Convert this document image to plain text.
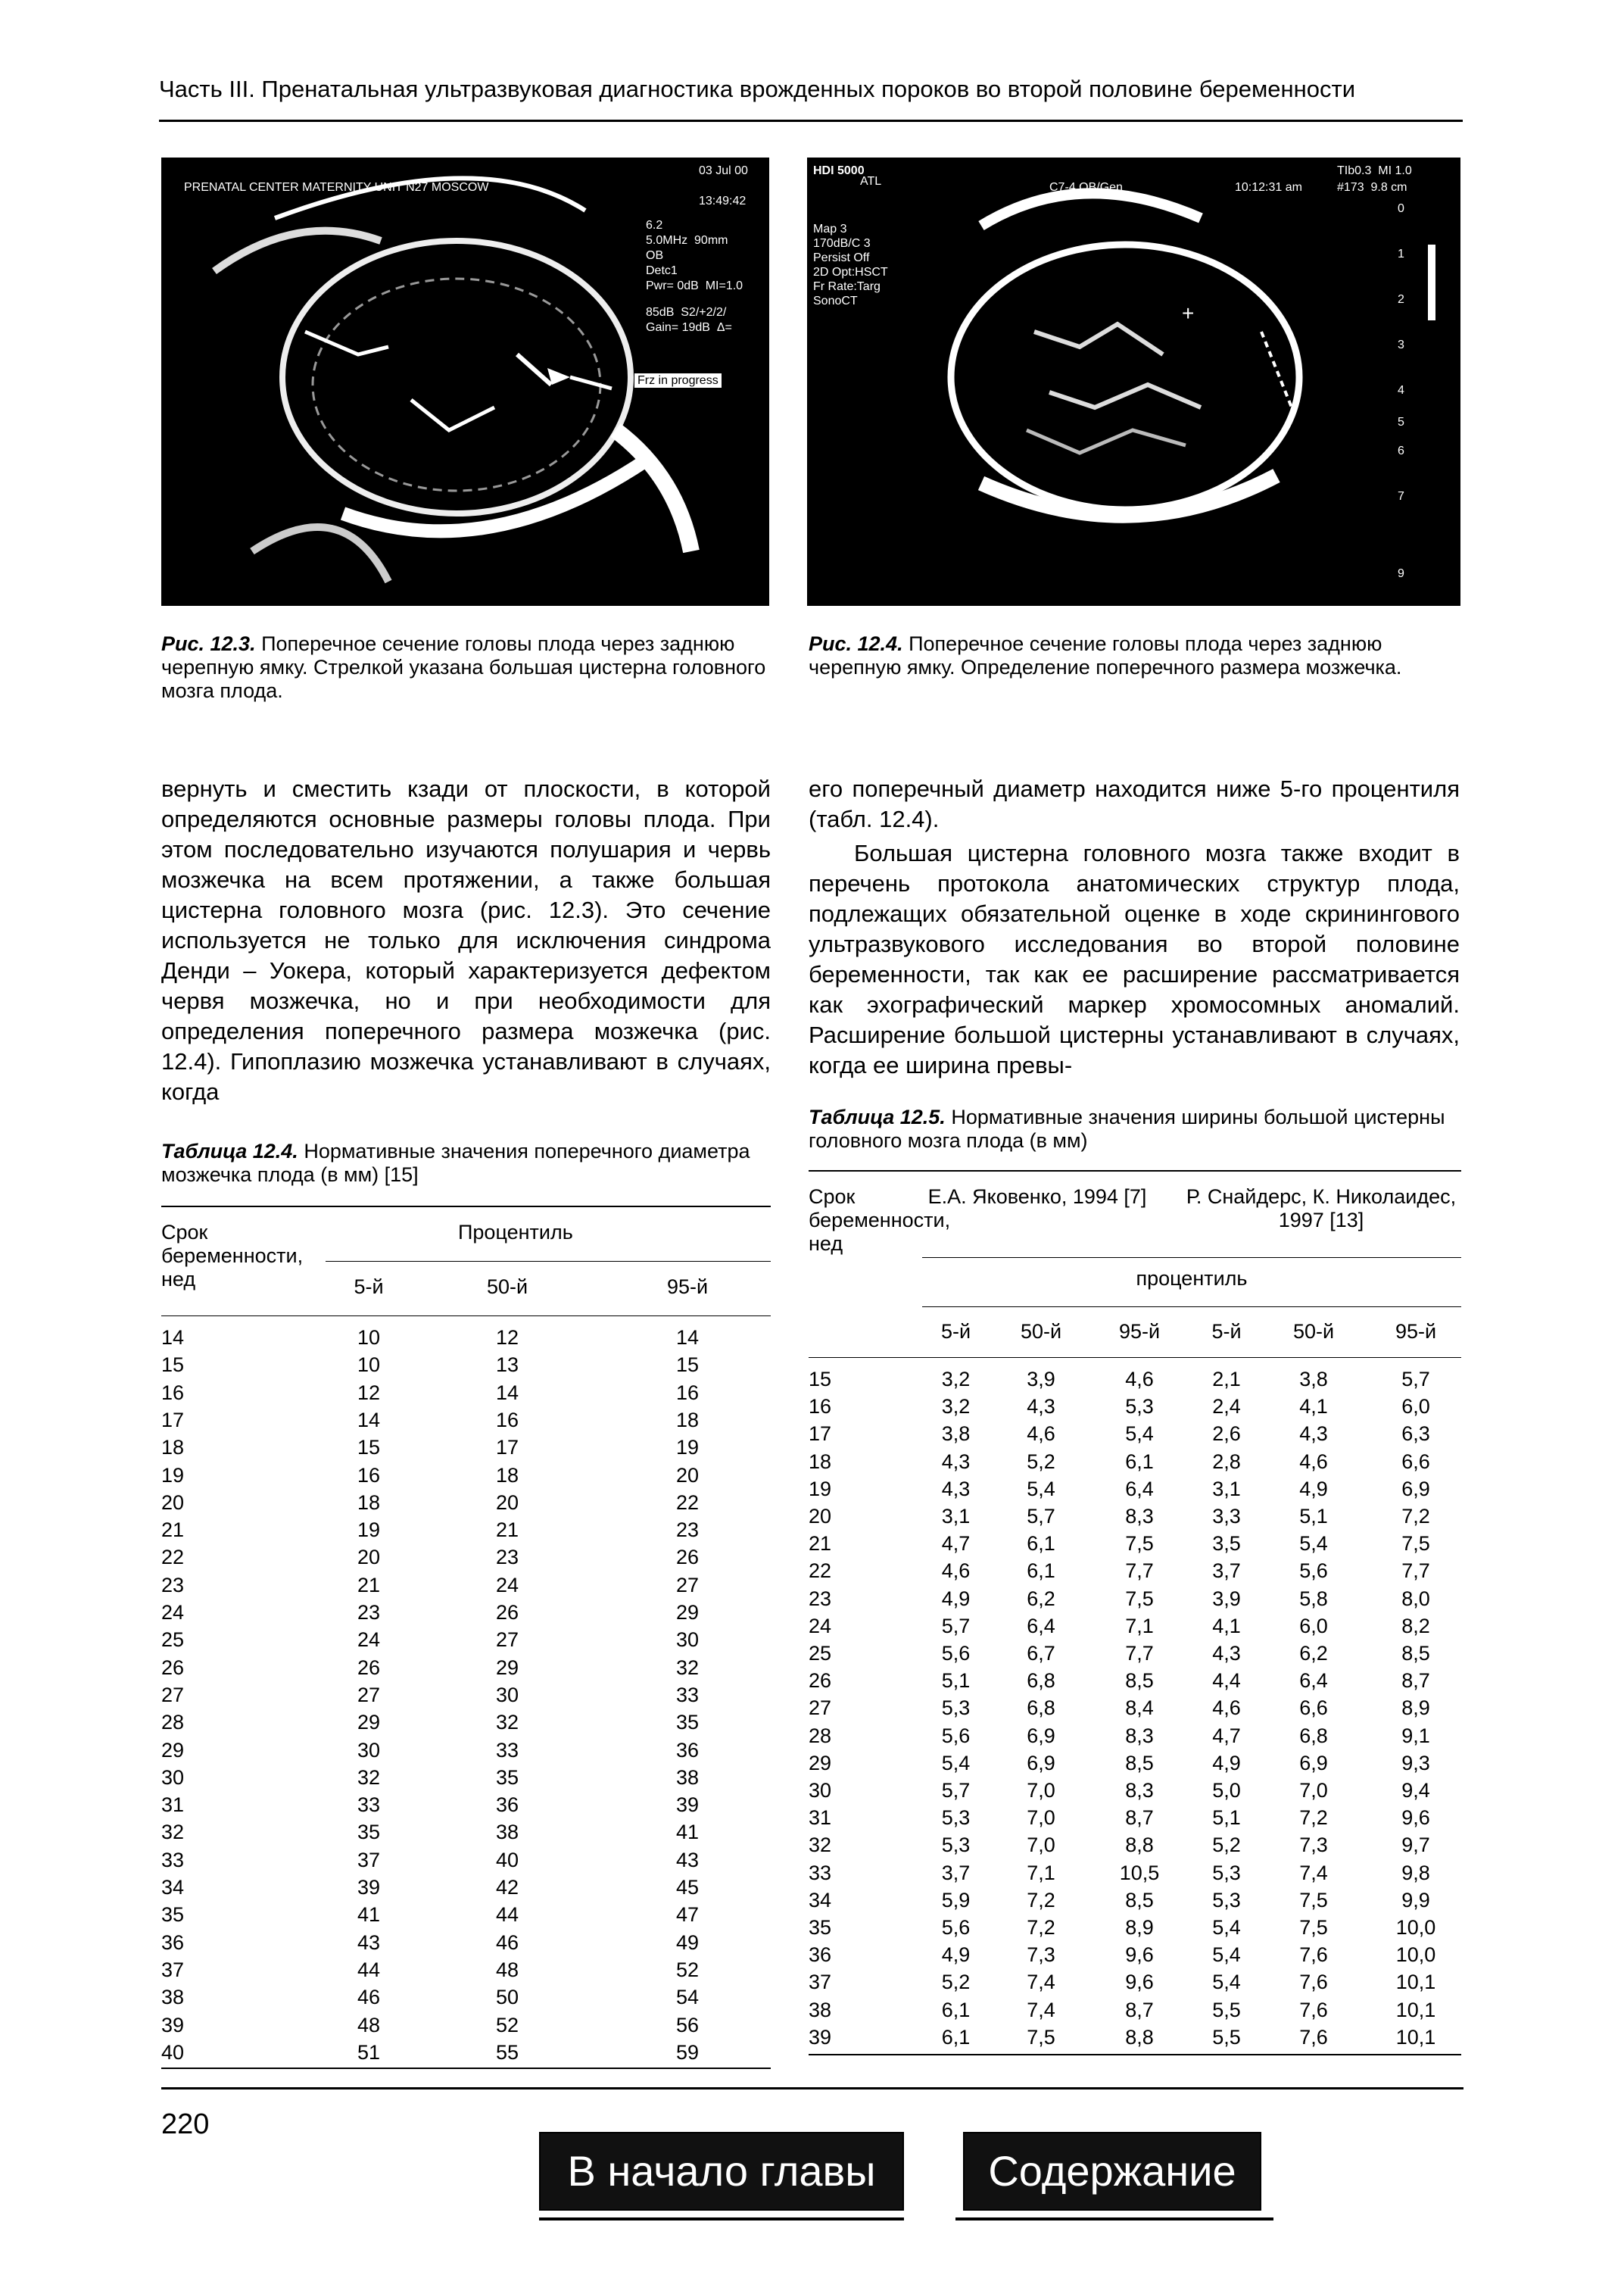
Часть III. Пренатальная ультразвуковая диагностика врожденных пороков во второй половине беременности
PRENATAL CENTER MATERNITY UNIT N27 MOSCOW
03 Jul 00
13:49:42
6.2
5.0MHz  90mm
OB
Detc1
Pwr= 0dB  MI=1.0
85dB  S2/+2/2/
Gain= 19dB  Δ=
Frz in progress
+
HDI 5000
ATL	C7-4 OB/Gen	10:12:31 am
TIb0.3  MI 1.0
#173  9.8 cm
Map 3
170dB/C 3
Persist Off
2D Opt:HSCT
Fr Rate:Targ
SonoCT
0
1
2
3
4
5
6
7
9
Рис. 12.3. Поперечное сечение головы плода через заднюю черепную ямку. Стрелкой указана большая цистерна головного мозга плода.
Рис. 12.4. Поперечное сечение головы плода через заднюю черепную ямку. Определение поперечного размера мозжечка.

вернуть и сместить кзади от плоскости, в которой определяются основные размеры головы плода. При этом последовательно изучаются полушария и червь мозжечка на всем протяжении, а также большая цистерна головного мозга (рис. 12.3). Это сечение используется не только для исключения синдрома Денди – Уокера, который характеризуется дефектом червя мозжечка, но и при необходимости для определения поперечного размера мозжечка (рис. 12.4). Гипоплазию мозжечка устанавливают в случаях, когда

его поперечный диаметр находится ниже 5-го процентиля (табл. 12.4).

Большая цистерна головного мозга также входит в перечень протокола анатомических структур плода, подлежащих обязательной оценке в ходе скринингового ультразвукового исследования во второй половине беременности, так как ее расширение рассматривается как эхографический маркер хромосомных аномалий. Расширение большой цистерны устанавливают в случаях, когда ее ширина превы-

Таблица 12.4. Нормативные значения поперечного диаметра мозжечка плода (в мм) [15]
Срок беременности, нед
Процентиль
5-й	50-й	95-й
14	10	12	14
15	10	13	15
16	12	14	16
17	14	16	18
18	15	17	19
19	16	18	20
20	18	20	22
21	19	21	23
22	20	23	26
23	21	24	27
24	23	26	29
25	24	27	30
26	26	29	32
27	27	30	33
28	29	32	35
29	30	33	36
30	32	35	38
31	33	36	39
32	35	38	41
33	37	40	43
34	39	42	45
35	41	44	47
36	43	46	49
37	44	48	52
38	46	50	54
39	48	52	56
40	51	55	59
Таблица 12.5. Нормативные значения ширины большой цистерны головного мозга плода (в мм)
Срок беременности, нед
Е.А. Яковенко, 1994 [7] Р. Снайдерс, К. Николаидес, 1997 [13]
процентиль
5-й	50-й	95-й	5-й	50-й	95-й
15	3,2	3,9	4,6	2,1	3,8	5,7
16	3,2	4,3	5,3	2,4	4,1	6,0
17	3,8	4,6	5,4	2,6	4,3	6,3
18	4,3	5,2	6,1	2,8	4,6	6,6
19	4,3	5,4	6,4	3,1	4,9	6,9
20	3,1	5,7	8,3	3,3	5,1	7,2
21	4,7	6,1	7,5	3,5	5,4	7,5
22	4,6	6,1	7,7	3,7	5,6	7,7
23	4,9	6,2	7,5	3,9	5,8	8,0
24	5,7	6,4	7,1	4,1	6,0	8,2
25	5,6	6,7	7,7	4,3	6,2	8,5
26	5,1	6,8	8,5	4,4	6,4	8,7
27	5,3	6,8	8,4	4,6	6,6	8,9
28	5,6	6,9	8,3	4,7	6,8	9,1
29	5,4	6,9	8,5	4,9	6,9	9,3
30	5,7	7,0	8,3	5,0	7,0	9,4
31	5,3	7,0	8,7	5,1	7,2	9,6
32	5,3	7,0	8,8	5,2	7,3	9,7
33	3,7	7,1	10,5	5,3	7,4	9,8
34	5,9	7,2	8,5	5,3	7,5	9,9
35	5,6	7,2	8,9	5,4	7,5	10,0
36	4,9	7,3	9,6	5,4	7,6	10,0
37	5,2	7,4	9,6	5,4	7,6	10,1
38	6,1	7,4	8,7	5,5	7,6	10,1
39	6,1	7,5	8,8	5,5	7,6	10,1
220
В начало главы	Содержание
